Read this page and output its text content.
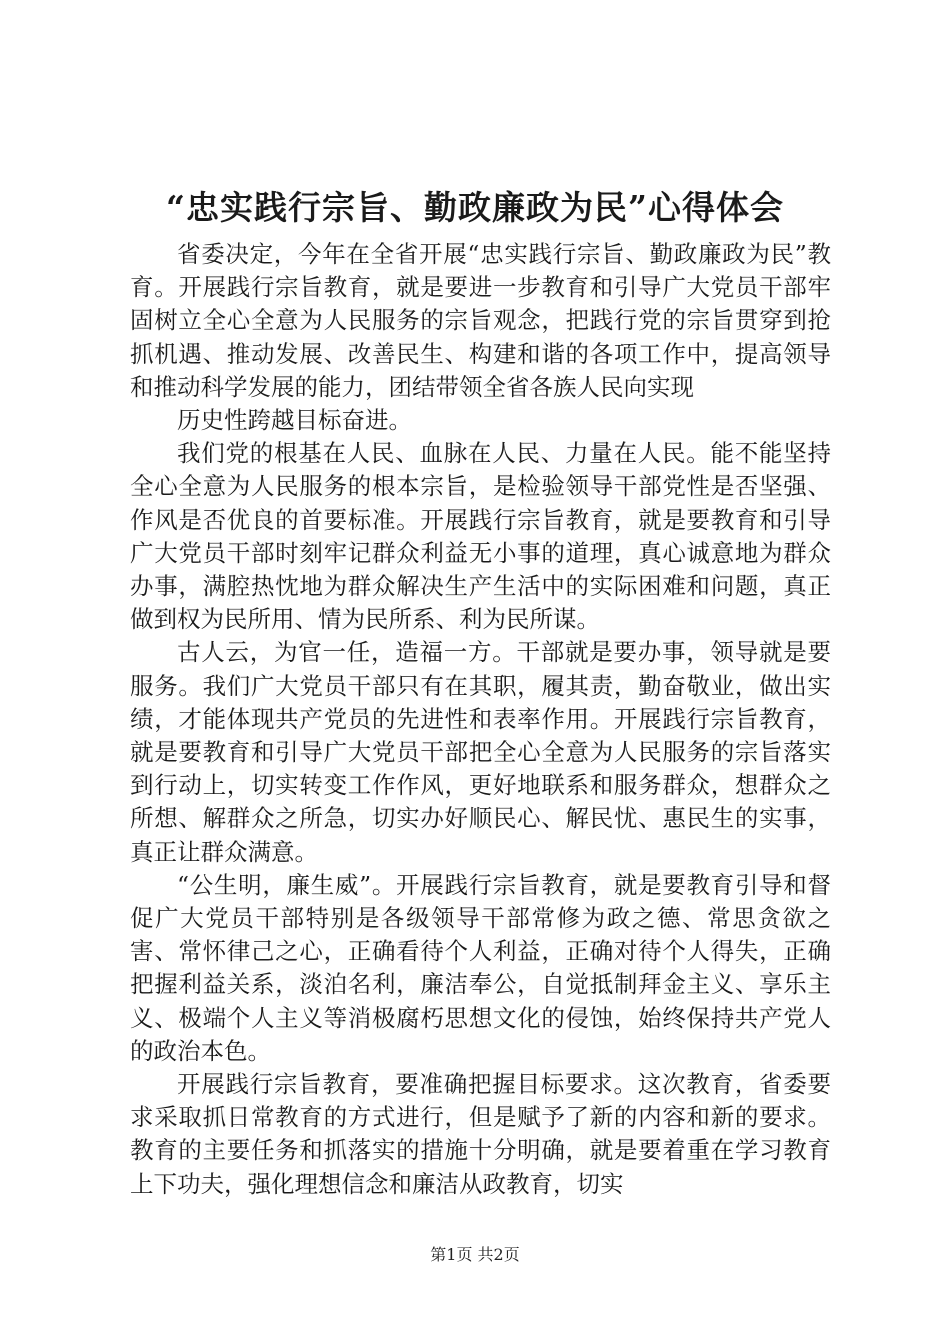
“忠实践行宗旨、勤政廉政为民”心得体会

省委决定，今年在全省开展“忠实践行宗旨、勤政廉政为民”教育。开展践行宗旨教育，就是要进一步教育和引导广大党员干部牢固树立全心全意为人民服务的宗旨观念，把践行党的宗旨贯穿到抢抓机遇、推动发展、改善民生、构建和谐的各项工作中，提高领导和推动科学发展的能力，团结带领全省各族人民向实现

历史性跨越目标奋进。

我们党的根基在人民、血脉在人民、力量在人民。能不能坚持全心全意为人民服务的根本宗旨，是检验领导干部党性是否坚强、作风是否优良的首要标准。开展践行宗旨教育，就是要教育和引导广大党员干部时刻牢记群众利益无小事的道理，真心诚意地为群众办事，满腔热忱地为群众解决生产生活中的实际困难和问题，真正做到权为民所用、情为民所系、利为民所谋。

古人云，为官一任，造福一方。干部就是要办事，领导就是要服务。我们广大党员干部只有在其职，履其责，勤奋敬业，做出实绩，才能体现共产党员的先进性和表率作用。开展践行宗旨教育，就是要教育和引导广大党员干部把全心全意为人民服务的宗旨落实到行动上，切实转变工作作风，更好地联系和服务群众，想群众之所想、解群众之所急，切实办好顺民心、解民忧、惠民生的实事，真正让群众满意。

“公生明，廉生威”。开展践行宗旨教育，就是要教育引导和督促广大党员干部特别是各级领导干部常修为政之德、常思贪欲之害、常怀律己之心，正确看待个人利益，正确对待个人得失，正确把握利益关系，淡泊名利，廉洁奉公，自觉抵制拜金主义、享乐主义、极端个人主义等消极腐朽思想文化的侵蚀，始终保持共产党人的政治本色。

开展践行宗旨教育，要准确把握目标要求。这次教育，省委要求采取抓日常教育的方式进行，但是赋予了新的内容和新的要求。教育的主要任务和抓落实的措施十分明确，就是要着重在学习教育上下功夫，强化理想信念和廉洁从政教育，切实

第1页 共2页
